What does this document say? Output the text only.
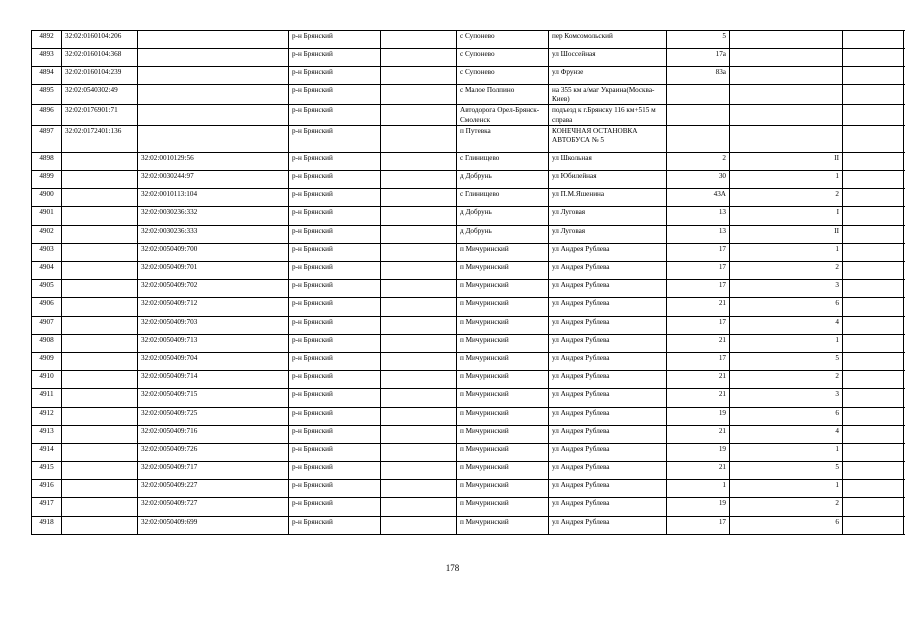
4892	32:02:0160104:206		р-н Брянский		с Супонево	пер Комсомольский	5			
4893	32:02:0160104:368		р-н Брянский		с Супонево	ул Шоссейная	17а			
4894	32:02:0160104:239		р-н Брянский		с Супонево	ул Фрунзе	83а			
4895	32:02:0540302:49		р-н Брянский		с Малое Полпино	на 355 км а/маг Украина(Москва-Киев)				
4896	32:02:0176901:71		р-н Брянский		Автодорога Орел-Брянск-Смоленск	подъезд к г.Брянску 116 км+515 м справа				
4897	32:02:0172401:136		р-н Брянский		п Путевка	КОНЕЧНАЯ ОСТАНОВКА АВТОБУСА № 5				
4898		32:02:0010129:56	р-н Брянский		с Глинищево	ул Школьная	2	II		
4899		32:02:0030244:97	р-н Брянский		д Добрунь	ул Юбилейная	30	1		
4900		32:02:0010113:104	р-н Брянский		с Глинищево	ул П.М.Яшенина	43А	2		
4901		32:02:0030236:332	р-н Брянский		д Добрунь	ул Луговая	13	I		
4902		32:02:0030236:333	р-н Брянский		д Добрунь	ул Луговая	13	II		
4903		32:02:0050409:700	р-н Брянский		п Мичуринский	ул Андрея Рублева	17	1		
4904		32:02:0050409:701	р-н Брянский		п Мичуринский	ул Андрея Рублева	17	2		
4905		32:02:0050409:702	р-н Брянский		п Мичуринский	ул Андрея Рублева	17	3		
4906		32:02:0050409:712	р-н Брянский		п Мичуринский	ул Андрея Рублева	21	6		
4907		32:02:0050409:703	р-н Брянский		п Мичуринский	ул Андрея Рублева	17	4		
4908		32:02:0050409:713	р-н Брянский		п Мичуринский	ул Андрея Рублева	21	1		
4909		32:02:0050409:704	р-н Брянский		п Мичуринский	ул Андрея Рублева	17	5		
4910		32:02:0050409:714	р-н Брянский		п Мичуринский	ул Андрея Рублева	21	2		
4911		32:02:0050409:715	р-н Брянский		п Мичуринский	ул Андрея Рублева	21	3		
4912		32:02:0050409:725	р-н Брянский		п Мичуринский	ул Андрея Рублева	19	6		
4913		32:02:0050409:716	р-н Брянский		п Мичуринский	ул Андрея Рублева	21	4		
4914		32:02:0050409:726	р-н Брянский		п Мичуринский	ул Андрея Рублева	19	1		
4915		32:02:0050409:717	р-н Брянский		п Мичуринский	ул Андрея Рублева	21	5		
4916		32:02:0050409:227	р-н Брянский		п Мичуринский	ул Андрея Рублева	1	1		
4917		32:02:0050409:727	р-н Брянский		п Мичуринский	ул Андрея Рублева	19	2		
4918		32:02:0050409:699	р-н Брянский		п Мичуринский	ул Андрея Рублева	17	6		
178
